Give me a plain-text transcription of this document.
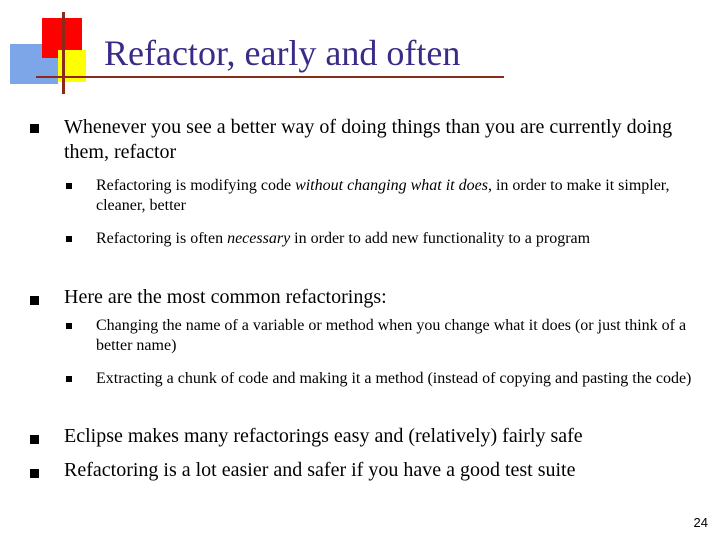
Refactor, early and often
Whenever you see a better way of doing things than you are currently doing them, refactor
Refactoring is modifying code without changing what it does, in order to make it simpler, cleaner, better
Refactoring is often necessary in order to add new functionality to a program
Here are the most common refactorings:
Changing the name of a variable or method when you change what it does (or just think of a better name)
Extracting a chunk of code and making it a method (instead of copying and pasting the code)
Eclipse makes many refactorings easy and (relatively) fairly safe
Refactoring is a lot easier and safer if you have a good test suite
24
